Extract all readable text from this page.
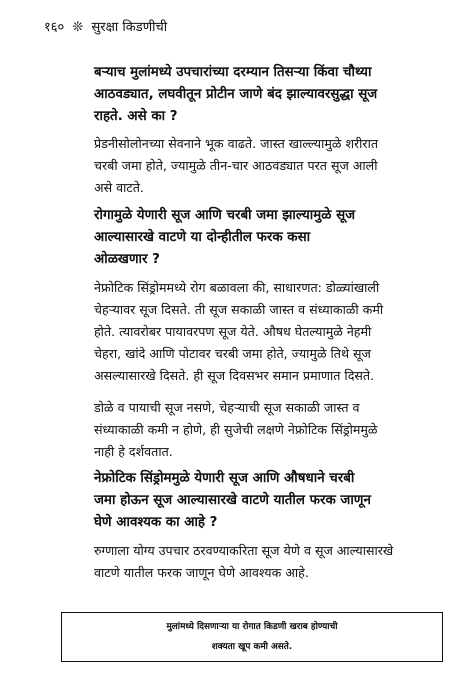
१६० ❊ सुरक्षा किडणीची
बऱ्याच मुलांमध्ये उपचारांच्या दरम्यान तिसऱ्या किंवा चौथ्या
आठवड्यात, लघवीतून प्रोटीन जाणे बंद झाल्यावरसुद्धा सूज
राहते. असे का ?
प्रेडनीसोलोनच्या सेवनाने भूक वाढते. जास्त खाल्ल्यामुळे शरीरात
चरबी जमा होते, ज्यामुळे तीन-चार आठवड्यात परत सूज आली
असे वाटते.
रोगामुळे येणारी सूज आणि चरबी जमा झाल्यामुळे सूज
आल्यासारखे वाटणे या दोन्हीतील फरक कसा
ओळखणार ?
नेफ्रोटिक सिंड्रोममध्ये रोग बळावला की, साधारणत: डोळ्यांखाली
चेहऱ्यावर सूज दिसते. ती सूज सकाळी जास्त व संध्याकाळी कमी
होते. त्यावरोबर पायावरपण सूज येते. औषध घेतल्यामुळे नेहमी
चेहरा, खांदे आणि पोटावर चरबी जमा होते, ज्यामुळे तिथे सूज
असल्यासारखे दिसते. ही सूज दिवसभर समान प्रमाणात दिसते.
डोळे व पायाची सूज नसणे, चेहऱ्याची सूज सकाळी जास्त व
संध्याकाळी कमी न होणे, ही सुजेची लक्षणे नेफ्रोटिक सिंड्रोममुळे
नाही हे दर्शवतात.
नेफ्रोटिक सिंड्रोममुळे येणारी सूज आणि औषधाने चरबी
जमा होऊन सूज आल्यासारखे वाटणे यातील फरक जाणून
घेणे आवश्यक का आहे ?
रुग्णाला योग्य उपचार ठरवण्याकरिता सूज येणे व सूज आल्यासारखे
वाटणे यातील फरक जाणून घेणे आवश्यक आहे.
मुलांमध्ये दिसणाऱ्या या रोगात किडणी खराब होण्याची
शक्यता खूप कमी असते.
